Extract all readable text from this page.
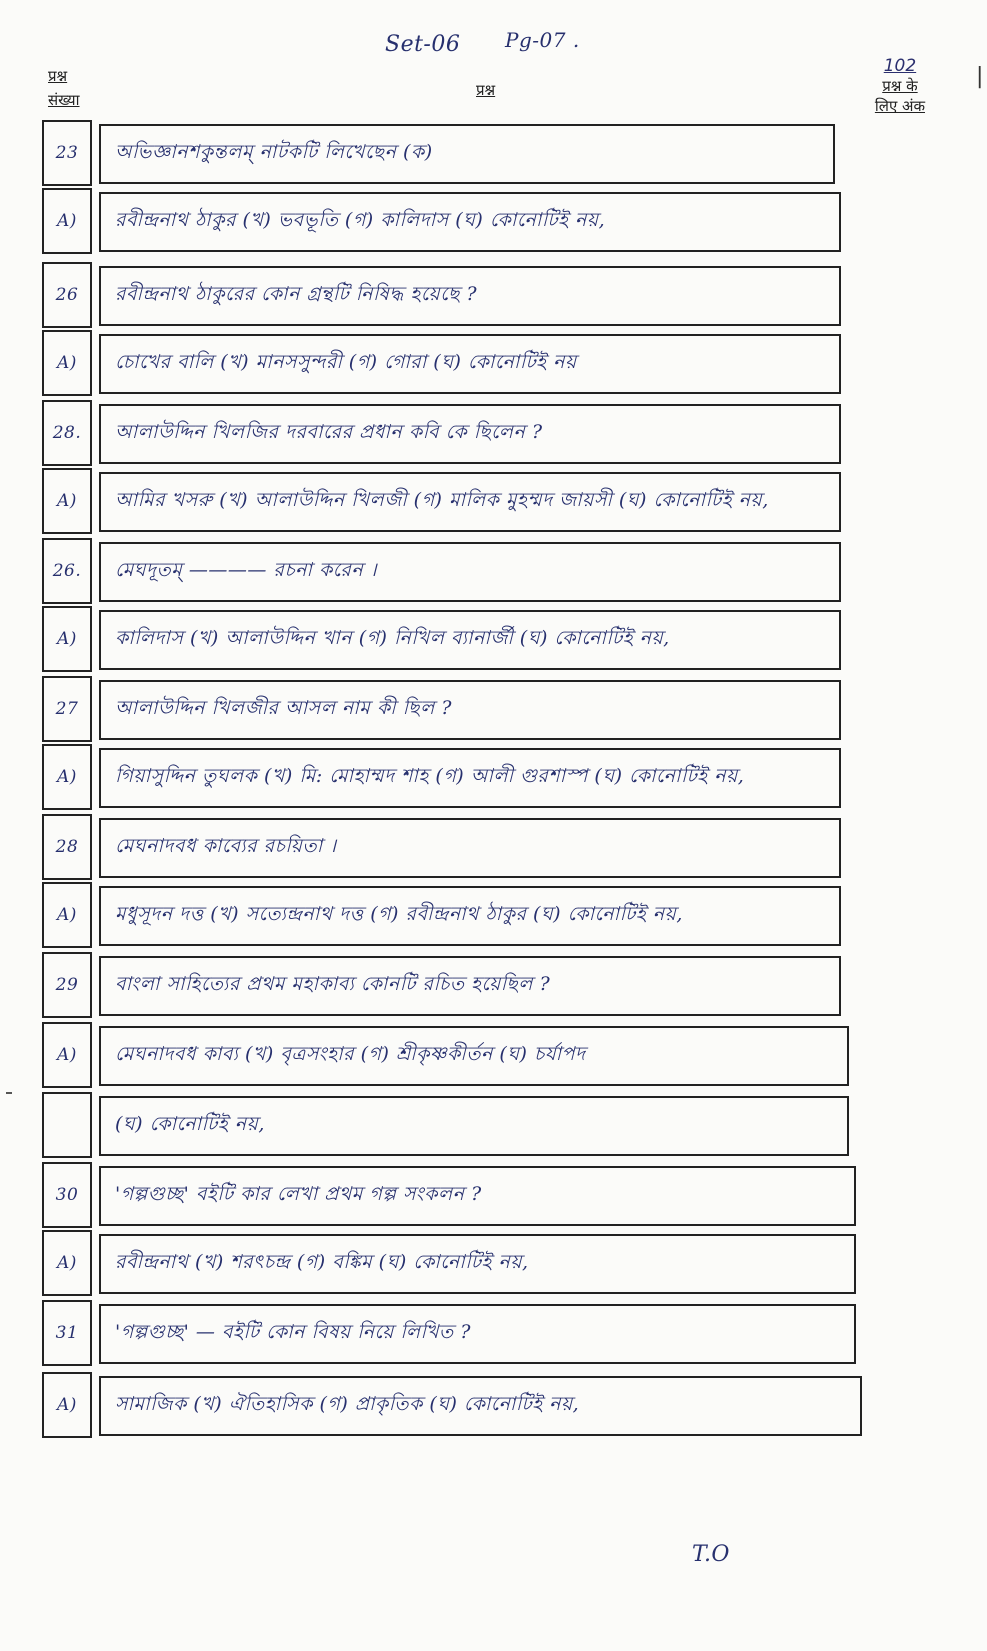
Set-06 Pg-07 .
प्रश्न
संख्या
प्रश्न
102
प्रश्न के
लिए अंक
|
23	অভিজ্ঞানশকুন্তলম্‌ নাটকটি লিখেছেন (ক)
A)	রবীন্দ্রনাথ ঠাকুর (খ) ভবভূতি (গ) কালিদাস (ঘ) কোনোটিই নয়,
26	রবীন্দ্রনাথ ঠাকুরের কোন গ্রন্থটি নিষিদ্ধ হয়েছে ?
A)	চোখের বালি (খ) মানসসুন্দরী (গ) গোরা (ঘ) কোনোটিই নয়
28.	আলাউদ্দিন খিলজির দরবারের প্রধান কবি কে ছিলেন ?
A)	আমির খসরু (খ) আলাউদ্দিন খিলজী (গ) মালিক মুহম্মদ জায়সী (ঘ) কোনোটিই নয়,
26.	মেঘদূতম্‌ ———— রচনা করেন ।
A)	কালিদাস (খ) আলাউদ্দিন খান (গ) নিখিল ব্যানার্জী (ঘ) কোনোটিই নয়,
27	আলাউদ্দিন খিলজীর আসল নাম কী ছিল ?
A)	গিয়াসুদ্দিন তুঘলক (খ) মি: মোহাম্মদ শাহ (গ) আলী গুরশাস্প (ঘ) কোনোটিই নয়,
28	মেঘনাদবধ কাব্যের রচয়িতা ।
A)	মধুসূদন দত্ত (খ) সত্যেন্দ্রনাথ দত্ত (গ) রবীন্দ্রনাথ ঠাকুর (ঘ) কোনোটিই নয়,
29	বাংলা সাহিত্যের প্রথম মহাকাব্য কোনটি রচিত হয়েছিল ?
A)	মেঘনাদবধ কাব্য (খ) বৃত্রসংহার (গ) শ্রীকৃষ্ণকীর্তন (ঘ) চর্যাপদ
(ঘ) কোনোটিই নয়,
30	'গল্পগুচ্ছ' বইটি কার লেখা প্রথম গল্প সংকলন ?
A)	রবীন্দ্রনাথ (খ) শরৎচন্দ্র (গ) বঙ্কিম (ঘ) কোনোটিই নয়,
31	'গল্পগুচ্ছ' — বইটি কোন বিষয় নিয়ে লিখিত ?
A)	সামাজিক (খ) ঐতিহাসিক (গ) প্রাকৃতিক (ঘ) কোনোটিই নয়,
T.O
